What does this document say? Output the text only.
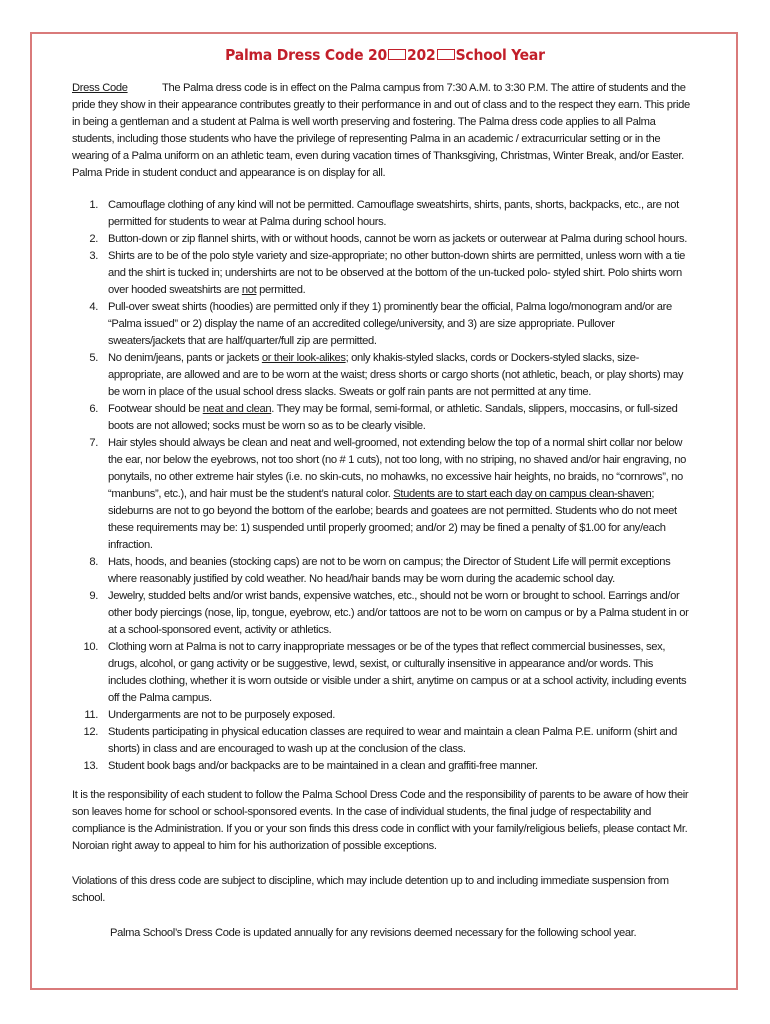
Palma Dress Code 20 202 School Year

Dress Code	The Palma dress code is in effect on the Palma campus from 7:30 A.M. to 3:30 P.M. The attire of students and the pride they show in their appearance contributes greatly to their performance in and out of class and to the respect they earn. This pride in being a gentleman and a student at Palma is well worth preserving and fostering. The Palma dress code applies to all Palma students, including those students who have the privilege of representing Palma in an academic / extracurricular setting or in the wearing of a Palma uniform on an athletic team, even during vacation times of Thanksgiving, Christmas, Winter Break, and/or Easter. Palma Pride in student conduct and appearance is on display for all.

1. Camouflage clothing of any kind will not be permitted. Camouflage sweatshirts, shirts, pants, shorts, backpacks, etc., are not permitted for students to wear at Palma during school hours.
2. Button-down or zip flannel shirts, with or without hoods, cannot be worn as jackets or outerwear at Palma during school hours.
3. Shirts are to be of the polo style variety and size-appropriate; no other button-down shirts are permitted, unless worn with a tie and the shirt is tucked in; undershirts are not to be observed at the bottom of the un-tucked polo- styled shirt. Polo shirts worn over hooded sweatshirts are not permitted.
4. Pull-over sweat shirts (hoodies) are permitted only if they 1) prominently bear the official, Palma logo/monogram and/or are “Palma issued” or 2) display the name of an accredited college/university, and 3) are size appropriate. Pullover sweaters/jackets that are half/quarter/full zip are permitted.
5. No denim/jeans, pants or jackets or their look-alikes; only khakis-styled slacks, cords or Dockers-styled slacks, size-appropriate, are allowed and are to be worn at the waist; dress shorts or cargo shorts (not athletic, beach, or play shorts) may be worn in place of the usual school dress slacks. Sweats or golf rain pants are not permitted at any time.
6. Footwear should be neat and clean. They may be formal, semi-formal, or athletic. Sandals, slippers, moccasins, or full-sized boots are not allowed; socks must be worn so as to be clearly visible.
7. Hair styles should always be clean and neat and well-groomed, not extending below the top of a normal shirt collar nor below the ear, nor below the eyebrows, not too short (no # 1 cuts), not too long, with no striping, no shaved and/or hair engraving, no ponytails, no other extreme hair styles (i.e. no skin-cuts, no mohawks, no excessive hair heights, no braids, no “cornrows”, no “manbuns”, etc.), and hair must be the student’s natural color. Students are to start each day on campus clean-shaven; sideburns are not to go beyond the bottom of the earlobe; beards and goatees are not permitted. Students who do not meet these requirements may be: 1) suspended until properly groomed; and/or 2) may be fined a penalty of $1.00 for any/each infraction.
8. Hats, hoods, and beanies (stocking caps) are not to be worn on campus; the Director of Student Life will permit exceptions where reasonably justified by cold weather. No head/hair bands may be worn during the academic school day.
9. Jewelry, studded belts and/or wrist bands, expensive watches, etc., should not be worn or brought to school. Earrings and/or other body piercings (nose, lip, tongue, eyebrow, etc.) and/or tattoos are not to be worn on campus or by a Palma student in or at a school-sponsored event, activity or athletics.
10. Clothing worn at Palma is not to carry inappropriate messages or be of the types that reflect commercial businesses, sex, drugs, alcohol, or gang activity or be suggestive, lewd, sexist, or culturally insensitive in appearance and/or words. This includes clothing, whether it is worn outside or visible under a shirt, anytime on campus or at a school activity, including events off the Palma campus.
11. Undergarments are not to be purposely exposed.
12. Students participating in physical education classes are required to wear and maintain a clean Palma P.E. uniform (shirt and shorts) in class and are encouraged to wash up at the conclusion of the class.
13. Student book bags and/or backpacks are to be maintained in a clean and graffiti-free manner.

It is the responsibility of each student to follow the Palma School Dress Code and the responsibility of parents to be aware of how their son leaves home for school or school-sponsored events. In the case of individual students, the final judge of respectability and compliance is the Administration. If you or your son finds this dress code in conflict with your family/religious beliefs, please contact Mr. Noroian right away to appeal to him for his authorization of possible exceptions.

Violations of this dress code are subject to discipline, which may include detention up to and including immediate suspension from school.

Palma School’s Dress Code is updated annually for any revisions deemed necessary for the following school year.
